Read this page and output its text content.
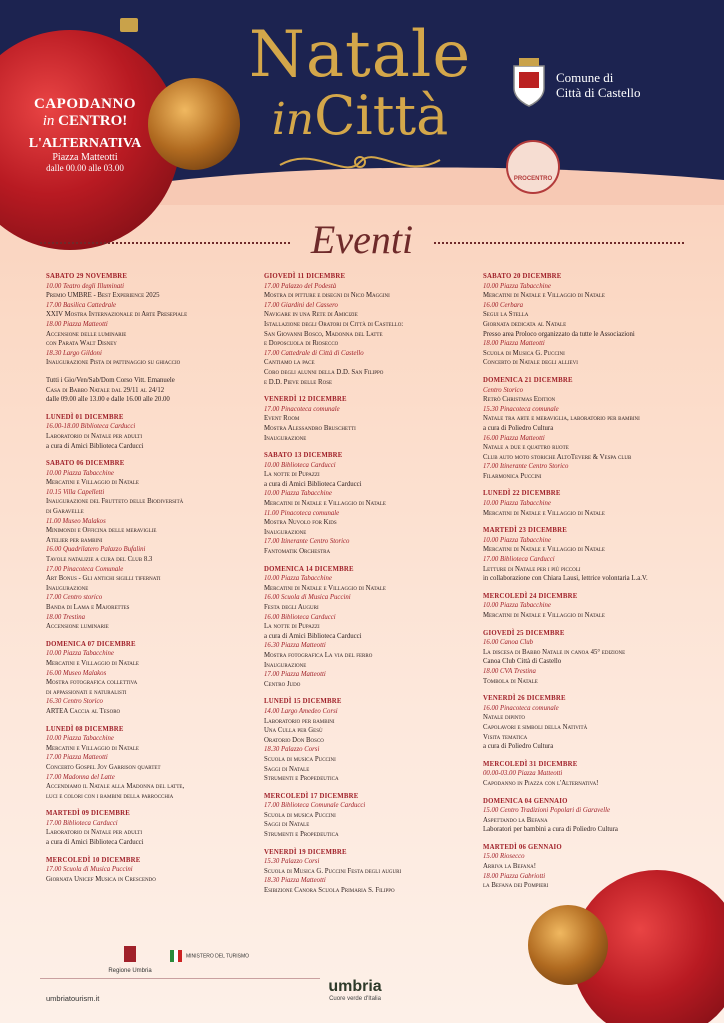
CAPODANNO
in CENTRO!
L'ALTERNATIVA
Piazza Matteotti
dalle 00.00 alle 03.00
Natale
inCittà
Comune di
Città di Castello
PROCENTRO
Eventi
SABATO 29 NOVEMBRE
10.00 Teatro degli Illuminati
Premio UMBRE - Best Experience 2025
17.00 Basilica Cattedrale
XXIV Mostra Internazionale di Arte Presepiale
18.00 Piazza Matteotti
Accensione delle luminarie
con Parata Walt Disney
18.30 Largo Gildoni
Inaugurazione Pista di pattinaggio su ghiaccio
Tutti i Gio/Ven/Sab/Dom Corso Vitt. Emanuele
Casa di Babbo Natale dal 29/11 al 24/12
dalle 09.00 alle 13.00 e dalle 16.00 alle 20.00
LUNEDÌ 01 DICEMBRE
16.00-18.00 Biblioteca Carducci
Laboratorio di Natale per adulti
a cura di Amici Biblioteca Carducci
SABATO 06 DICEMBRE
10.00 Piazza Tabacchine
Mercatini e Villaggio di Natale
10.15 Villa Capelletti
Inaugurazione del Frutteto delle Biodiversità
di Garavelle
11.00 Museo Malakos
Minimondi e Officina delle meraviglie
Atelier per bambini
16.00 Quadrilatero Palazzo Bufalini
Tavole natalizie a cura del Club 8.3
17.00 Pinacoteca Comunale
Art Bonus - Gli antichi sigilli tifernati
Inaugurazione
17.00 Centro storico
Banda di Lama e Majorettes
18.00 Trestina
Accensione luminarie
DOMENICA 07 DICEMBRE
10.00 Piazza Tabacchine
Mercatini e Villaggio di Natale
16.00 Museo Malakos
Mostra fotografica collettiva
di appassionati e naturalisti
16.30 Centro Storico
ARTEA Caccia al Tesoro
LUNEDÌ 08 DICEMBRE
10.00 Piazza Tabacchine
Mercatini e Villaggio di Natale
17.00 Piazza Matteotti
Concerto Gospel Joy Garrison quartet
17.00 Madonna del Latte
Accendiamo il Natale alla Madonna del latte,
luci e colori con i bambini della parrocchia
MARTEDÌ 09 DICEMBRE
17.00 Biblioteca Carducci
Laboratorio di Natale per adulti
a cura di Amici Biblioteca Carducci
MERCOLEDÌ 10 DICEMBRE
17.00 Scuola di Musica Puccini
Giornata Unicef Musica in Crescendo
GIOVEDÌ 11 DICEMBRE
17.00 Palazzo del Podestà
Mostra di pitture e disegni di Nico Maggini
17.00 Giardini del Cassero
Navigare in una Rete di Amicizie
Istallazione degli Oratori di Città di Castello:
San Giovanni Bosco, Madonna del Latte
e Doposcuola di Riosecco
17.00 Cattedrale di Città di Castello
Cantiamo la pace
Coro degli alunni della D.D. San Filippo
e D.D. Pieve delle Rose
VENERDÌ 12 DICEMBRE
17.00 Pinacoteca comunale
Event Room
Mostra Alessandro Bruschetti
Inaugurazione
SABATO 13 DICEMBRE
10.00 Biblioteca Carducci
La notte di Pupazzi
a cura di Amici Biblioteca Carducci
10.00 Piazza Tabacchine
Mercatini di Natale e Villaggio di Natale
11.00 Pinacoteca comunale
Mostra Nuvolo for Kids
Inaugurazione
17.00 Itinerante Centro Storico
Fantomatik Orchestra
DOMENICA 14 DICEMBRE
10.00 Piazza Tabacchine
Mercatini di Natale e Villaggio di Natale
16.00 Scuola di Musica Puccini
Festa degli Auguri
16.00 Biblioteca Carducci
La notte di Pupazzi
a cura di Amici Biblioteca Carducci
16.30 Piazza Matteotti
Mostra fotografica La via del ferro
Inaugurazione
17.00 Piazza Matteotti
Centro Judo
LUNEDÌ 15 DICEMBRE
14.00 Largo Amedeo Corsi
Laboratorio per bambini
Una Culla per Gesù
Oratorio Don Bosco
18.30 Palazzo Corsi
Scuola di musica Puccini
Saggi di Natale
Strumenti e Propedeutica
MERCOLEDÌ 17 DICEMBRE
17.00 Biblioteca Comunale Carducci
Scuola di musica Puccini
Saggi di Natale
Strumenti e Propedeutica
VENERDÌ 19 DICEMBRE
15.30 Palazzo Corsi
Scuola di Musica G. Puccini Festa degli auguri
18.30 Piazza Matteotti
Esibizione Canora Scuola Primaria S. Filippo
SABATO 20 DICEMBRE
10.00 Piazza Tabacchine
Mercatini di Natale e Villaggio di Natale
16.00 Cerbara
Segui la Stella
Giornata dedicata al Natale
Presso area Proloco organizzato da tutte le Associazioni
18.00 Piazza Matteotti
Scuola di Musica G. Puccini
Concerto di Natale degli allievi
DOMENICA 21 DICEMBRE
Centro Storico
Retrò Christmas Edition
15.30 Pinacoteca comunale
Natale tra arte e meraviglia, laboratorio per bambini
a cura di Poliedro Cultura
16.00 Piazza Matteotti
Natale a due e quattro ruote
Club auto moto storiche AltoTevere & Vespa club
17.00 Itinerante Centro Storico
Filarmonica Puccini
LUNEDÌ 22 DICEMBRE
10.00 Piazza Tabacchine
Mercatini di Natale e Villaggio di Natale
MARTEDÌ 23 DICEMBRE
10.00 Piazza Tabacchine
Mercatini di Natale e Villaggio di Natale
17.00 Biblioteca Carducci
Letture di Natale per i più piccoli
in collaborazione con Chiara Lausi, lettrice volontaria L.a.V.
MERCOLEDÌ 24 DICEMBRE
10.00 Piazza Tabacchine
Mercatini di Natale e Villaggio di Natale
GIOVEDÌ 25 DICEMBRE
16.00 Canoa Club
La discesa di Babbo Natale in canoa 45° edizione
Canoa Club Città di Castello
18.00 CVA Trestina
Tombola di Natale
VENERDÌ 26 DICEMBRE
16.00 Pinacoteca comunale
Natale dipinto
Capolavori e simboli della Natività
Visita tematica
a cura di Poliedro Cultura
MERCOLEDÌ 31 DICEMBRE
00.00-03.00 Piazza Matteotti
Capodanno in Piazza con l'Alternativa!
DOMENICA 04 GENNAIO
15.00 Centro Tradizioni Popolari di Garavelle
Aspettando la Befana
Laboratori per bambini a cura di Poliedro Cultura
MARTEDÌ 06 GENNAIO
15.00 Riosecco
Arriva la Befana!
18.00 Piazza Gabriotti
la Befana dei Pompieri
Regione Umbria
MINISTERO DEL TURISMO
umbriatourism.it
umbria
Cuore verde d'Italia
